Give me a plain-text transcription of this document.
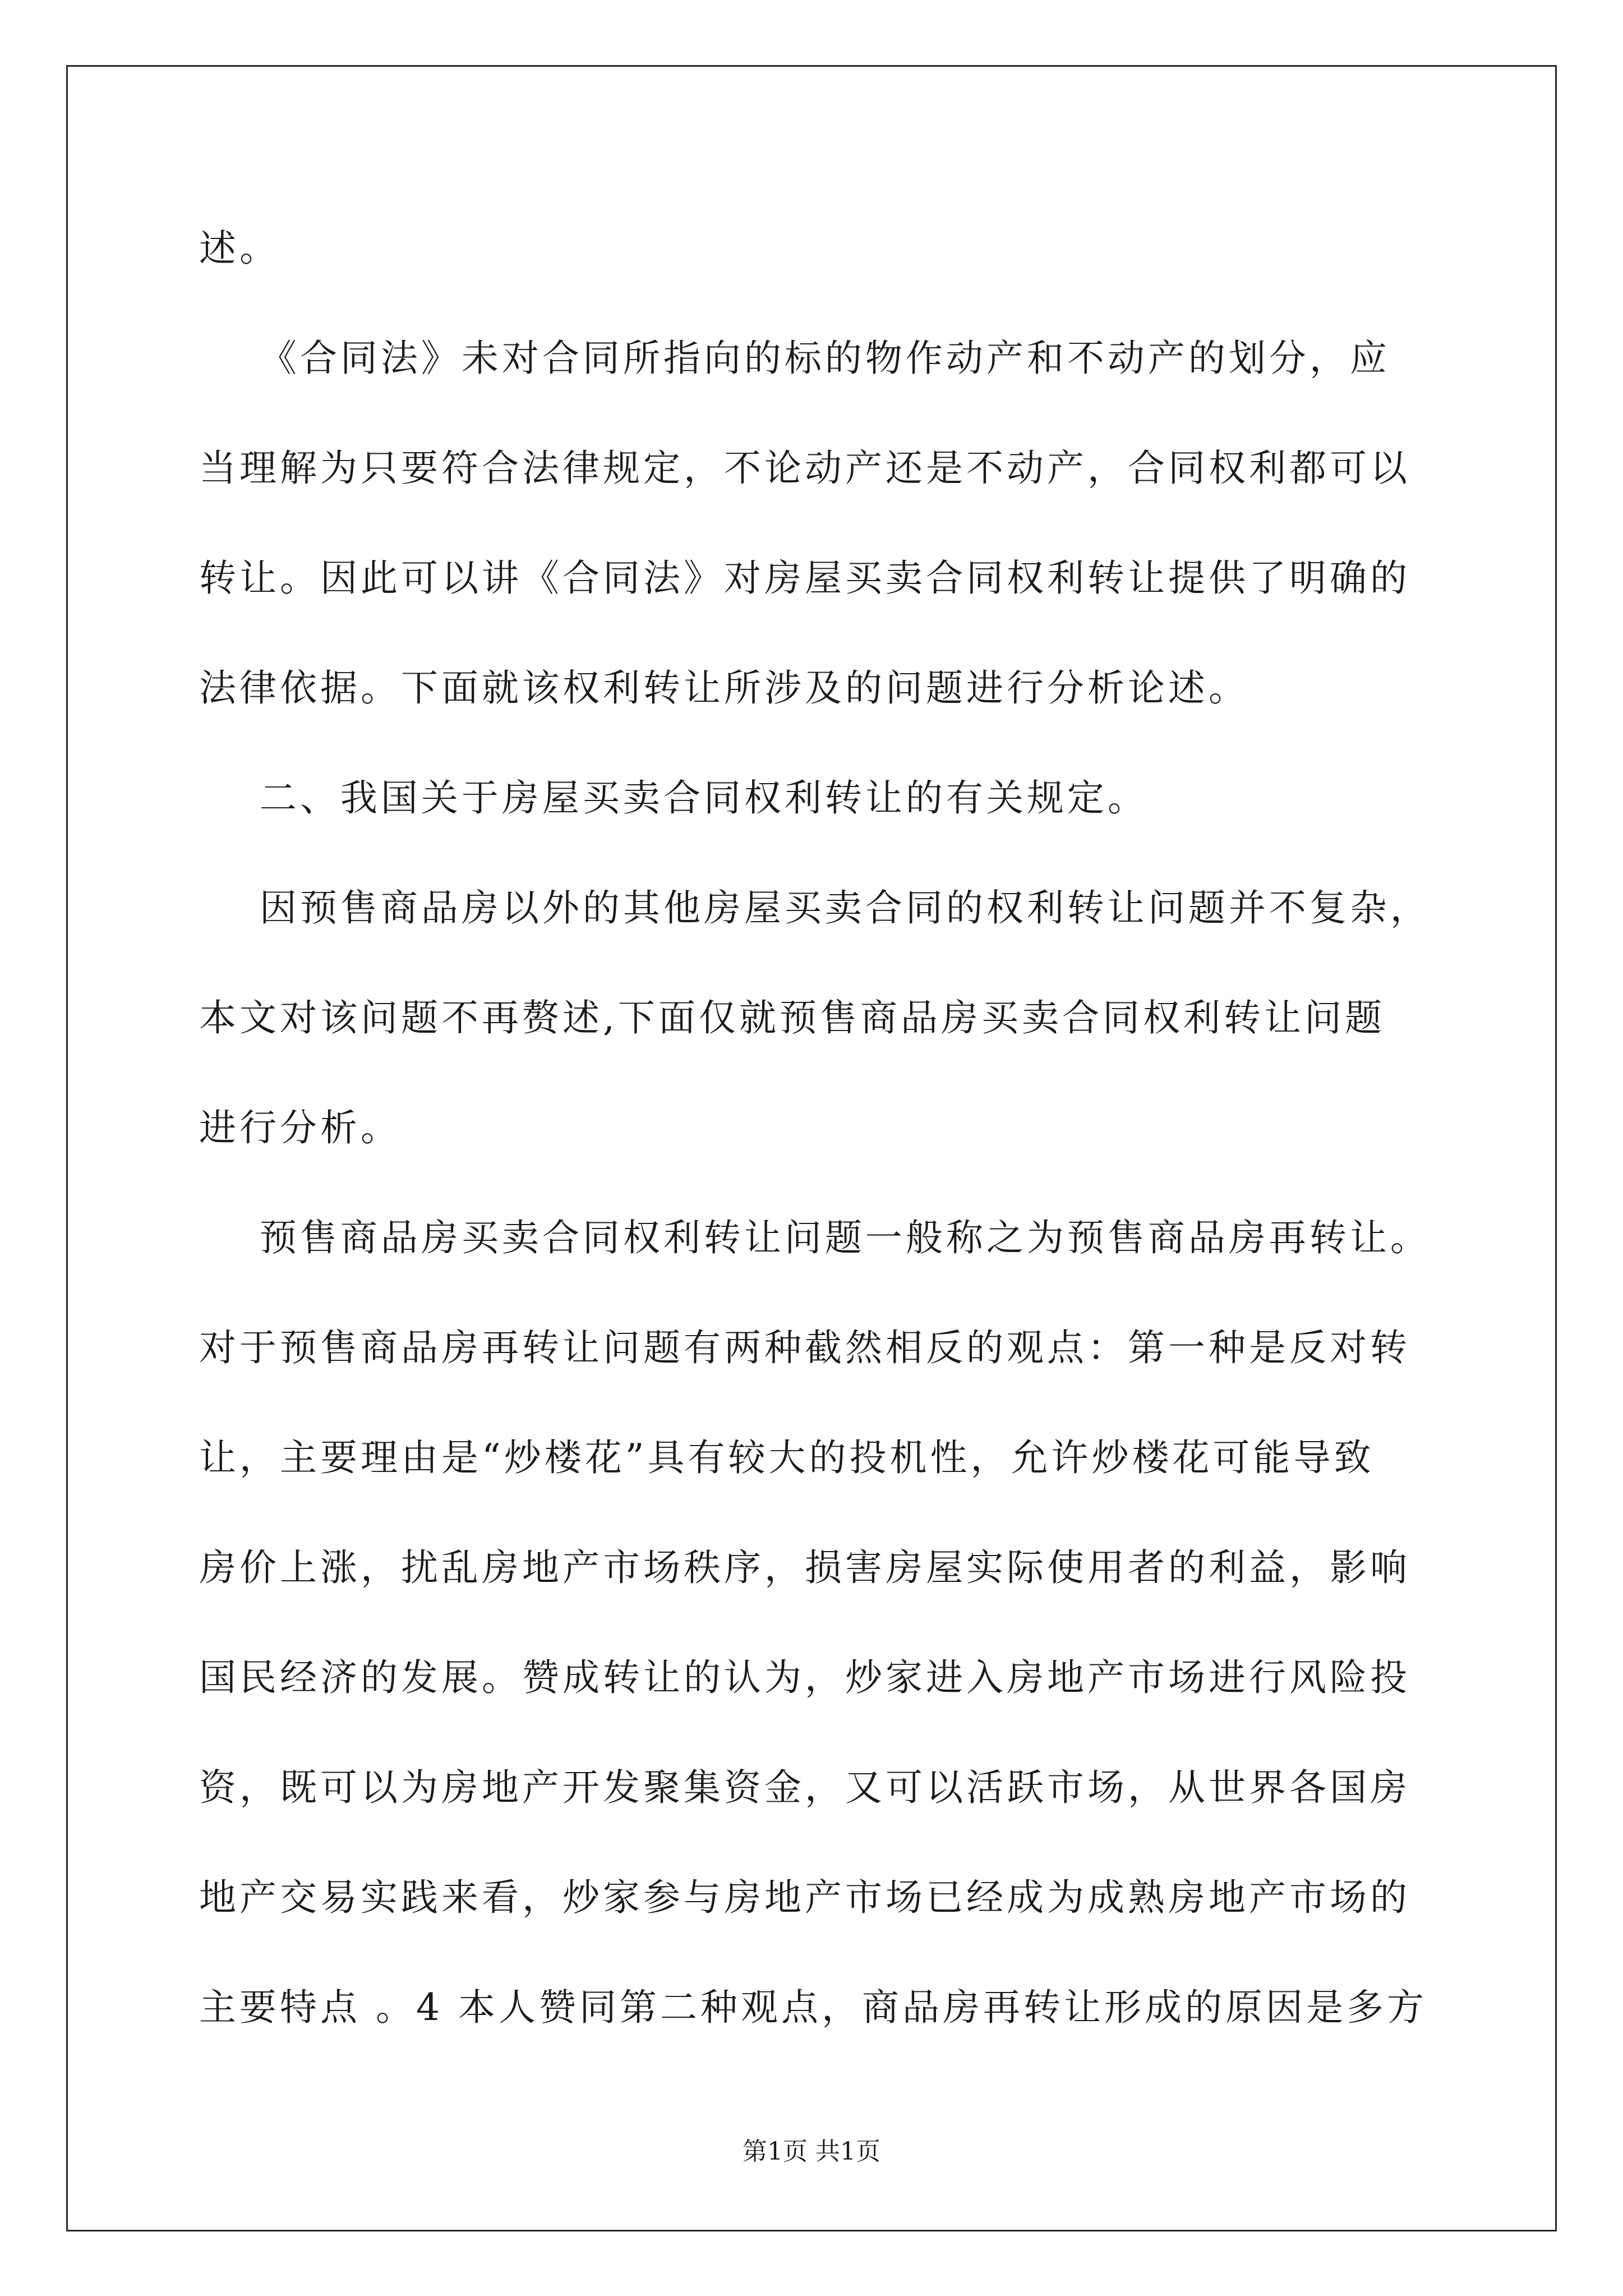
述。
《合同法》未对合同所指向的标的物作动产和不动产的划分，应
当理解为只要符合法律规定，不论动产还是不动产，合同权利都可以
转让。因此可以讲《合同法》对房屋买卖合同权利转让提供了明确的
法律依据。下面就该权利转让所涉及的问题进行分析论述。
二、我国关于房屋买卖合同权利转让的有关规定。
因预售商品房以外的其他房屋买卖合同的权利转让问题并不复杂，
本文对该问题不再赘述,下面仅就预售商品房买卖合同权利转让问题
进行分析。
预售商品房买卖合同权利转让问题一般称之为预售商品房再转让。
对于预售商品房再转让问题有两种截然相反的观点：第一种是反对转
让，主要理由是“炒楼花”具有较大的投机性，允许炒楼花可能导致
房价上涨，扰乱房地产市场秩序，损害房屋实际使用者的利益，影响
国民经济的发展。赞成转让的认为，炒家进入房地产市场进行风险投
资，既可以为房地产开发聚集资金，又可以活跃市场，从世界各国房
地产交易实践来看，炒家参与房地产市场已经成为成熟房地产市场的
主要特点 。4 本人赞同第二种观点，商品房再转让形成的原因是多方
第1页 共1页
